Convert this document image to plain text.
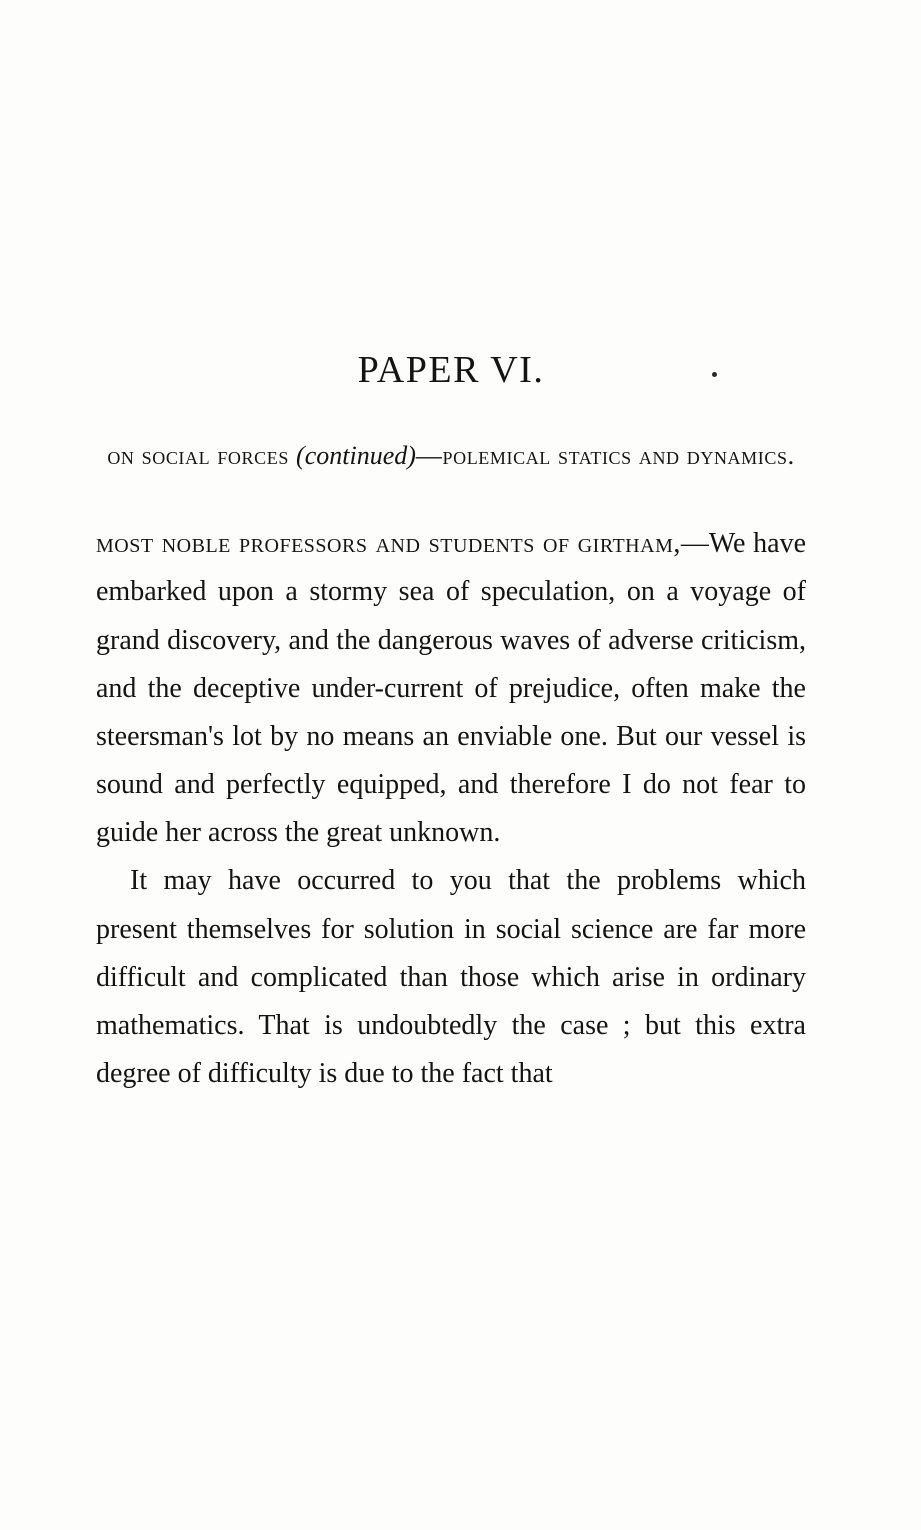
PAPER VI.
on social forces (continued)—polemical statics and dynamics.

most noble professors and students of girtham,—We have embarked upon a stormy sea of speculation, on a voyage of grand discovery, and the dangerous waves of adverse criticism, and the deceptive under-current of prejudice, often make the steersman's lot by no means an enviable one. But our vessel is sound and perfectly equipped, and therefore I do not fear to guide her across the great unknown.

It may have occurred to you that the problems which present themselves for solution in social science are far more difficult and complicated than those which arise in ordinary mathematics. That is undoubtedly the case ; but this extra degree of difficulty is due to the fact that
